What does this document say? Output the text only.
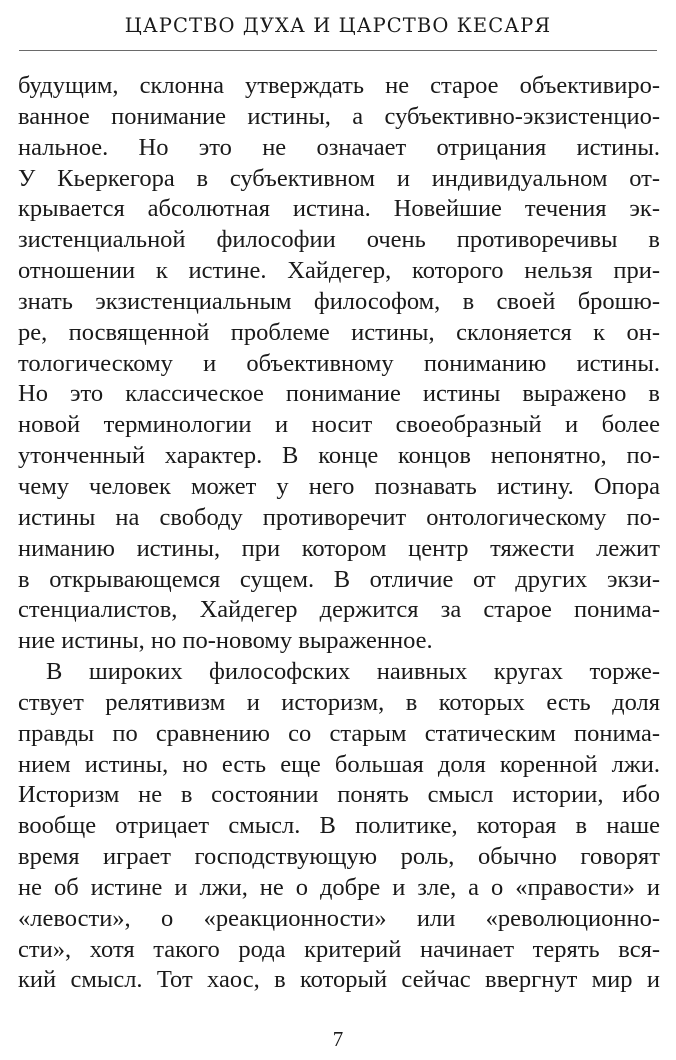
ЦАРСТВО ДУХА И ЦАРСТВО КЕСАРЯ
будущим, склонна утверждать не старое объективиро-
ванное понимание истины, а субъективно-экзистенцио-
нальное. Но это не означает отрицания истины.
У Кьеркегора в субъективном и индивидуальном от-
крывается абсолютная истина. Новейшие течения эк-
зистенциальной философии очень противоречивы в
отношении к истине. Хайдегер, которого нельзя при-
знать экзистенциальным философом, в своей брошю-
ре, посвященной проблеме истины, склоняется к он-
тологическому и объективному пониманию истины.
Но это классическое понимание истины выражено в
новой терминологии и носит своеобразный и более
утонченный характер. В конце концов непонятно, по-
чему человек может у него познавать истину. Опора
истины на свободу противоречит онтологическому по-
ниманию истины, при котором центр тяжести лежит
в открывающемся сущем. В отличие от других экзи-
стенциалистов, Хайдегер держится за старое понима-
ние истины, но по-новому выраженное.
В широких философских наивных кругах торже-
ствует релятивизм и историзм, в которых есть доля
правды по сравнению со старым статическим понима-
нием истины, но есть еще большая доля коренной лжи.
Историзм не в состоянии понять смысл истории, ибо
вообще отрицает смысл. В политике, которая в наше
время играет господствующую роль, обычно говорят
не об истине и лжи, не о добре и зле, а о «правости» и
«левости», о «реакционности» или «революционно-
сти», хотя такого рода критерий начинает терять вся-
кий смысл. Тот хаос, в который сейчас ввергнут мир и
7
